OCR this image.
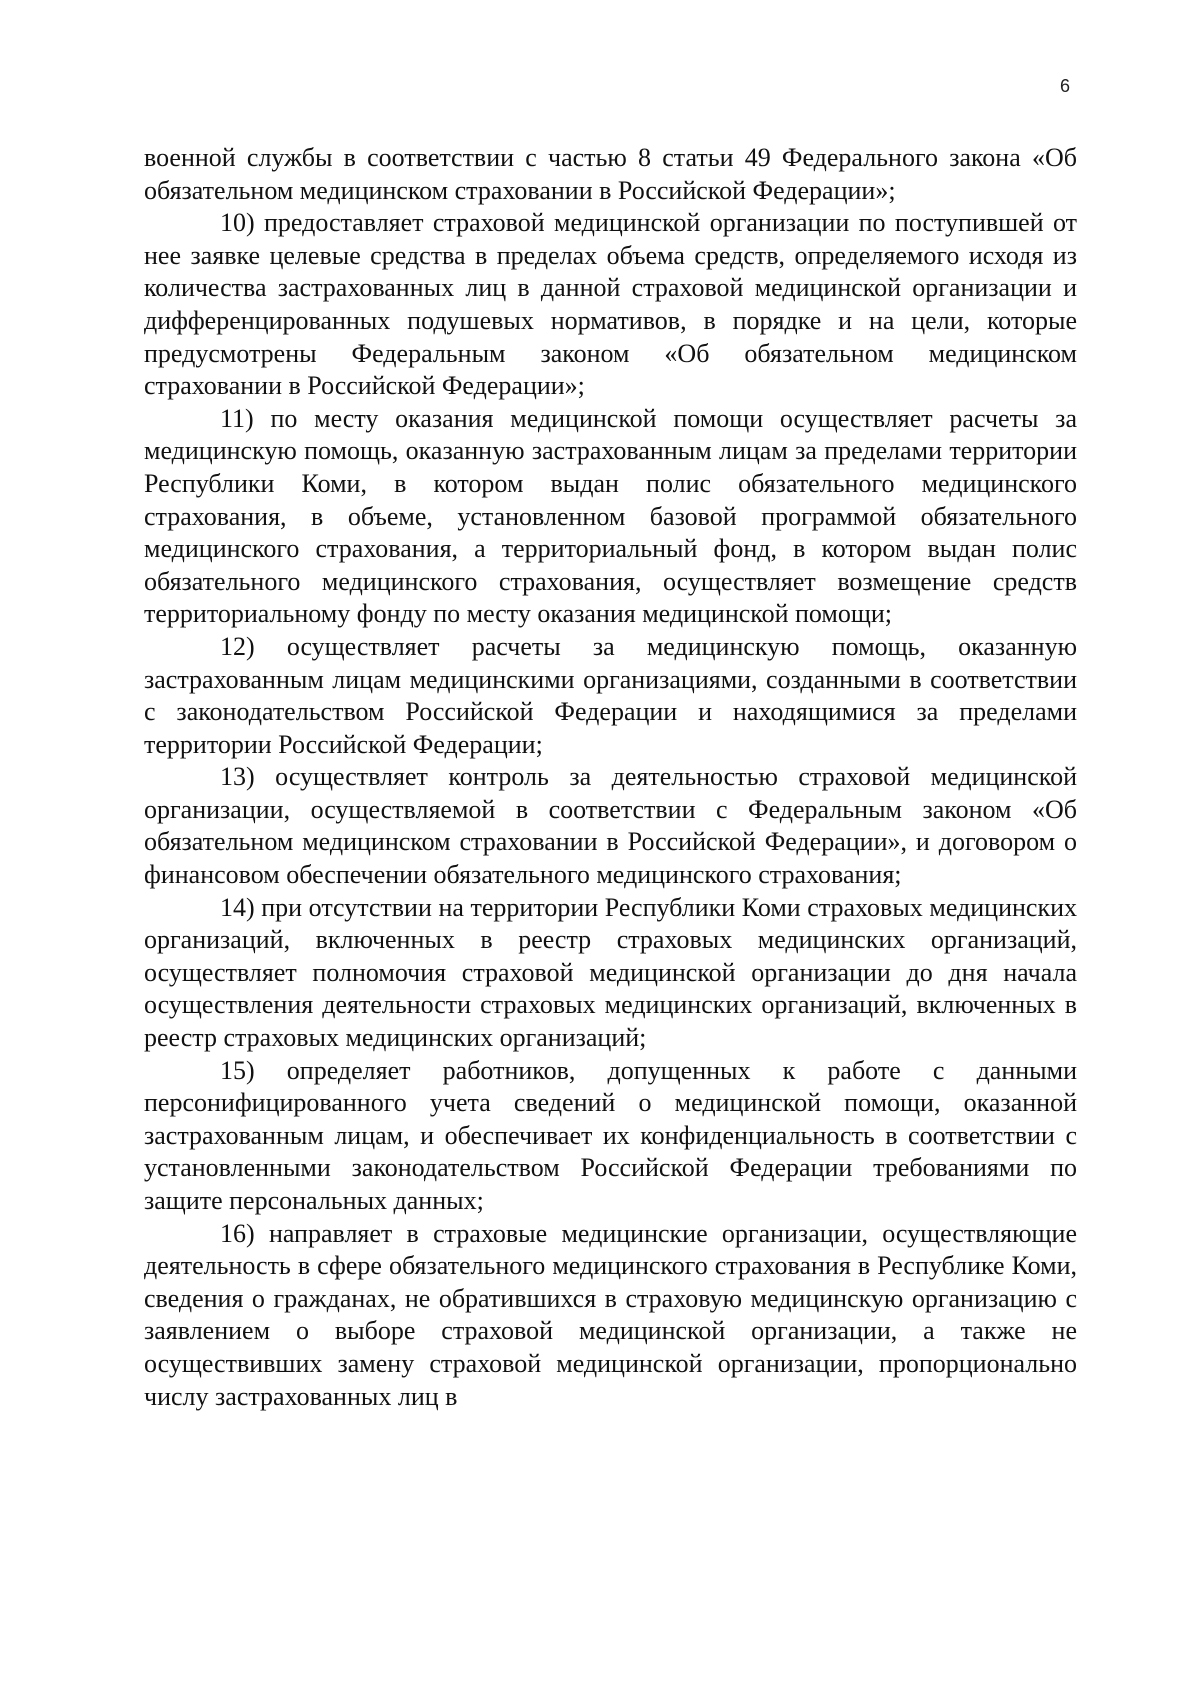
6

военной службы в соответствии с частью 8 статьи 49 Федерального закона «Об обязательном медицинском страховании в Российской Федерации»;

10) предоставляет страховой медицинской организации по поступившей от нее заявке целевые средства в пределах объема средств, определяемого исходя из количества застрахованных лиц в данной страховой медицинской организации и дифференцированных подушевых нормативов, в порядке и на цели, которые предусмотрены Федеральным законом «Об обязательном медицинском страховании в Российской Федерации»;

11) по месту оказания медицинской помощи осуществляет расчеты за медицинскую помощь, оказанную застрахованным лицам за пределами территории Республики Коми, в котором выдан полис обязательного медицинского страхования, в объеме, установленном базовой программой обязательного медицинского страхования, а территориальный фонд, в котором выдан полис обязательного медицинского страхования, осуществляет возмещение средств территориальному фонду по месту оказания медицинской помощи;

12) осуществляет расчеты за медицинскую помощь, оказанную застрахованным лицам медицинскими организациями, созданными в соответствии с законодательством Российской Федерации и находящимися за пределами территории Российской Федерации;

13) осуществляет контроль за деятельностью страховой медицинской организации, осуществляемой в соответствии с Федеральным законом «Об обязательном медицинском страховании в Российской Федерации», и договором о финансовом обеспечении обязательного медицинского страхования;

14) при отсутствии на территории Республики Коми страховых медицинских организаций, включенных в реестр страховых медицинских организаций, осуществляет полномочия страховой медицинской организации до дня начала осуществления деятельности страховых медицинских организаций, включенных в реестр страховых медицинских организаций;

15) определяет работников, допущенных к работе с данными персонифицированного учета сведений о медицинской помощи, оказанной застрахованным лицам, и обеспечивает их конфиденциальность в соответствии с установленными законодательством Российской Федерации требованиями по защите персональных данных;

16) направляет в страховые медицинские организации, осуществляющие деятельность в сфере обязательного медицинского страхования в Республике Коми, сведения о гражданах, не обратившихся в страховую медицинскую организацию с заявлением о выборе страховой медицинской организации, а также не осуществивших замену страховой медицинской организации, пропорционально числу застрахованных лиц в
